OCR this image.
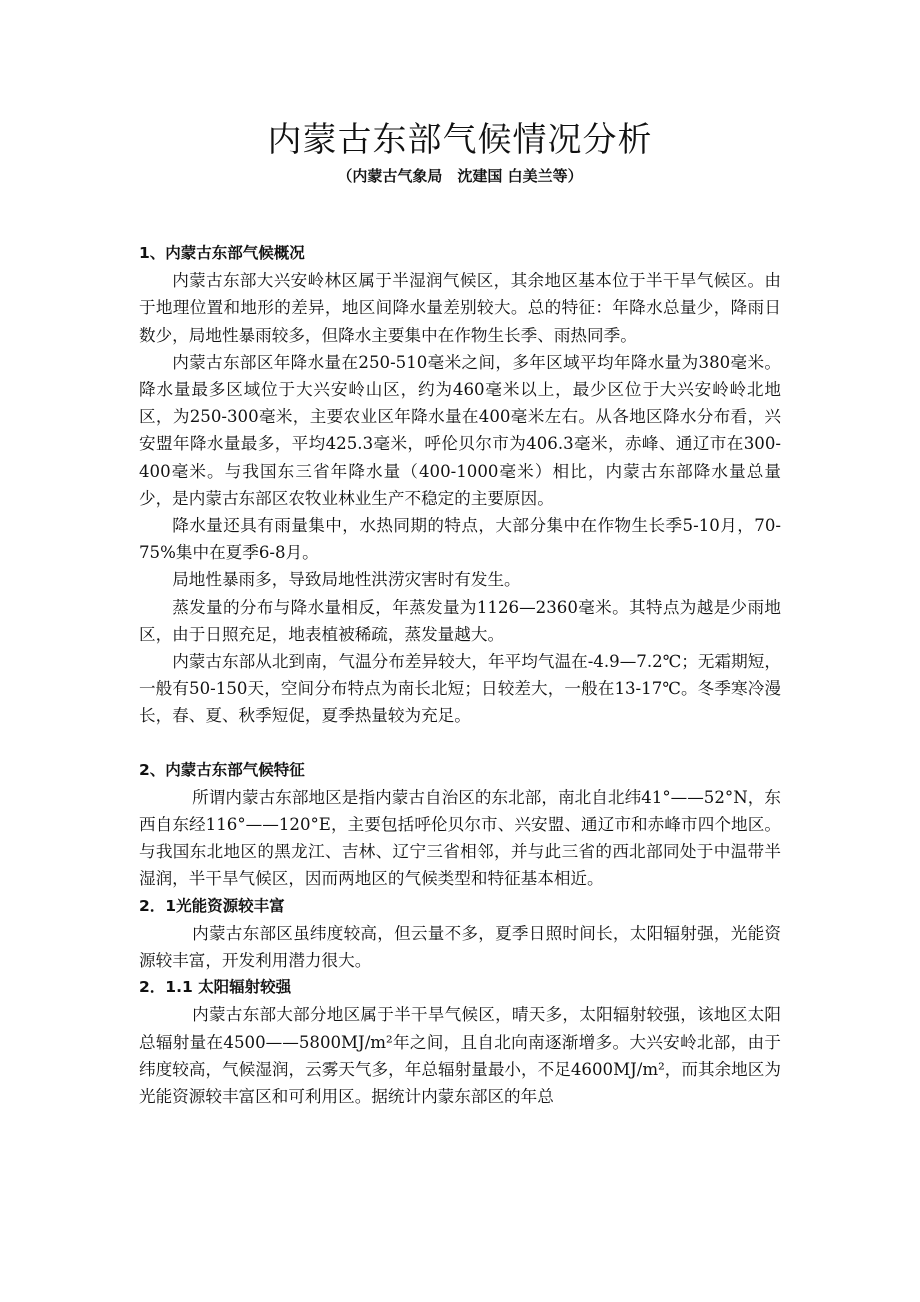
内蒙古东部气候情况分析
（内蒙古气象局　沈建国 白美兰等）

1、内蒙古东部气候概况

内蒙古东部大兴安岭林区属于半湿润气候区，其余地区基本位于半干旱气候区。由于地理位置和地形的差异，地区间降水量差别较大。总的特征：年降水总量少，降雨日数少，局地性暴雨较多，但降水主要集中在作物生长季、雨热同季。

内蒙古东部区年降水量在250-510毫米之间，多年区域平均年降水量为380毫米。降水量最多区域位于大兴安岭山区，约为460毫米以上，最少区位于大兴安岭岭北地区，为250-300毫米，主要农业区年降水量在400毫米左右。从各地区降水分布看，兴安盟年降水量最多，平均425.3毫米，呼伦贝尔市为406.3毫米，赤峰、通辽市在300-400毫米。与我国东三省年降水量（400-1000毫米）相比，内蒙古东部降水量总量少，是内蒙古东部区农牧业林业生产不稳定的主要原因。

降水量还具有雨量集中，水热同期的特点，大部分集中在作物生长季5-10月，70-75%集中在夏季6-8月。

局地性暴雨多，导致局地性洪涝灾害时有发生。

蒸发量的分布与降水量相反，年蒸发量为1126—2360毫米。其特点为越是少雨地区，由于日照充足，地表植被稀疏，蒸发量越大。

内蒙古东部从北到南，气温分布差异较大，年平均气温在-4.9—7.2℃；无霜期短，一般有50-150天，空间分布特点为南长北短；日较差大，一般在13-17℃。冬季寒冷漫长，春、夏、秋季短促，夏季热量较为充足。

2、内蒙古东部气候特征

所谓内蒙古东部地区是指内蒙古自治区的东北部，南北自北纬41°——52°N，东西自东经116°——120°E，主要包括呼伦贝尔市、兴安盟、通辽市和赤峰市四个地区。与我国东北地区的黑龙江、吉林、辽宁三省相邻，并与此三省的西北部同处于中温带半湿润，半干旱气候区，因而两地区的气候类型和特征基本相近。

2．1光能资源较丰富

内蒙古东部区虽纬度较高，但云量不多，夏季日照时间长，太阳辐射强，光能资源较丰富，开发利用潜力很大。

2．1.1 太阳辐射较强

内蒙古东部大部分地区属于半干旱气候区，晴天多，太阳辐射较强，该地区太阳总辐射量在4500——5800MJ/m²年之间，且自北向南逐渐增多。大兴安岭北部，由于纬度较高，气候湿润，云雾天气多，年总辐射量最小，不足4600MJ/m²，而其余地区为光能资源较丰富区和可利用区。据统计内蒙东部区的年总
